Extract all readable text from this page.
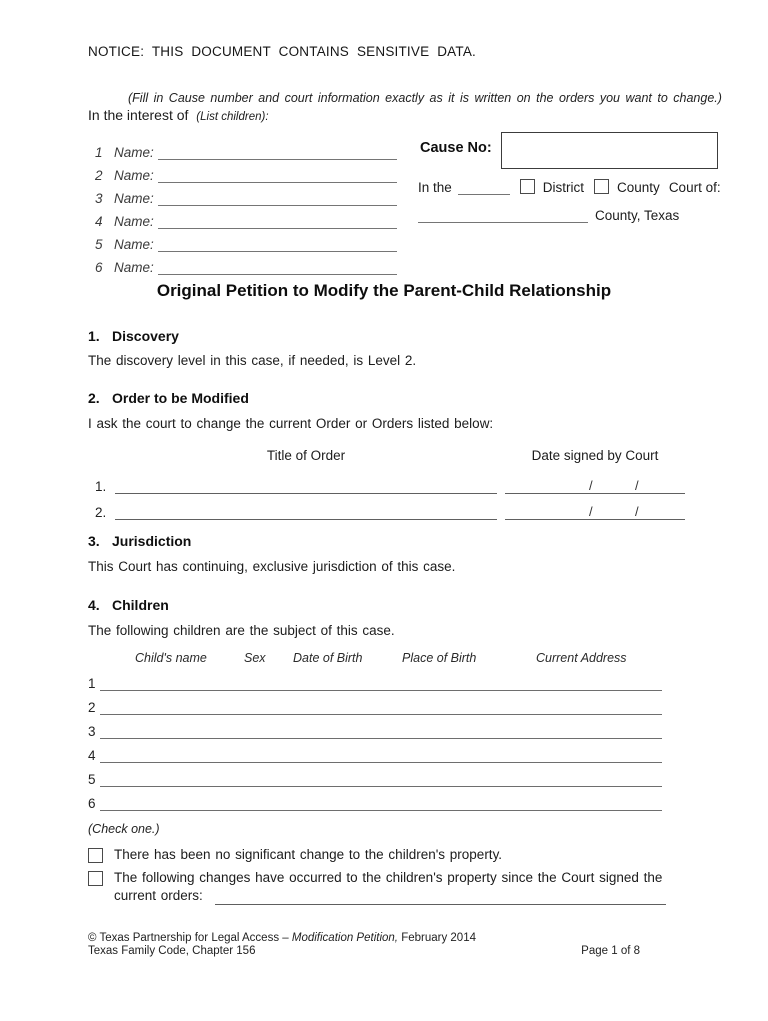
NOTICE: THIS DOCUMENT CONTAINS SENSITIVE DATA.
(Fill in Cause number and court information exactly as it is written on the orders you want to change.)
In the interest of (List children):
1 Name:
2 Name:
3 Name:
4 Name:
5 Name:
6 Name:
Cause No:
In the	District County Court of:
County, Texas
Original Petition to Modify the Parent-Child Relationship
1. Discovery
The discovery level in this case, if needed, is Level 2.
2. Order to be Modified
I ask the court to change the current Order or Orders listed below:
Title of Order	Date signed by Court
1.	/	/
2.	/	/
3. Jurisdiction
This Court has continuing, exclusive jurisdiction of this case.
4. Children
The following children are the subject of this case.
Child's name	Sex Date of Birth	Place of Birth	Current Address
1
2
3
4
5
6
(Check one.)
There has been no significant change to the children's property.
The following changes have occurred to the children's property since the Court signed the
current orders:
© Texas Partnership for Legal Access – Modification Petition, February 2014
Texas Family Code, Chapter 156	Page 1 of 8
